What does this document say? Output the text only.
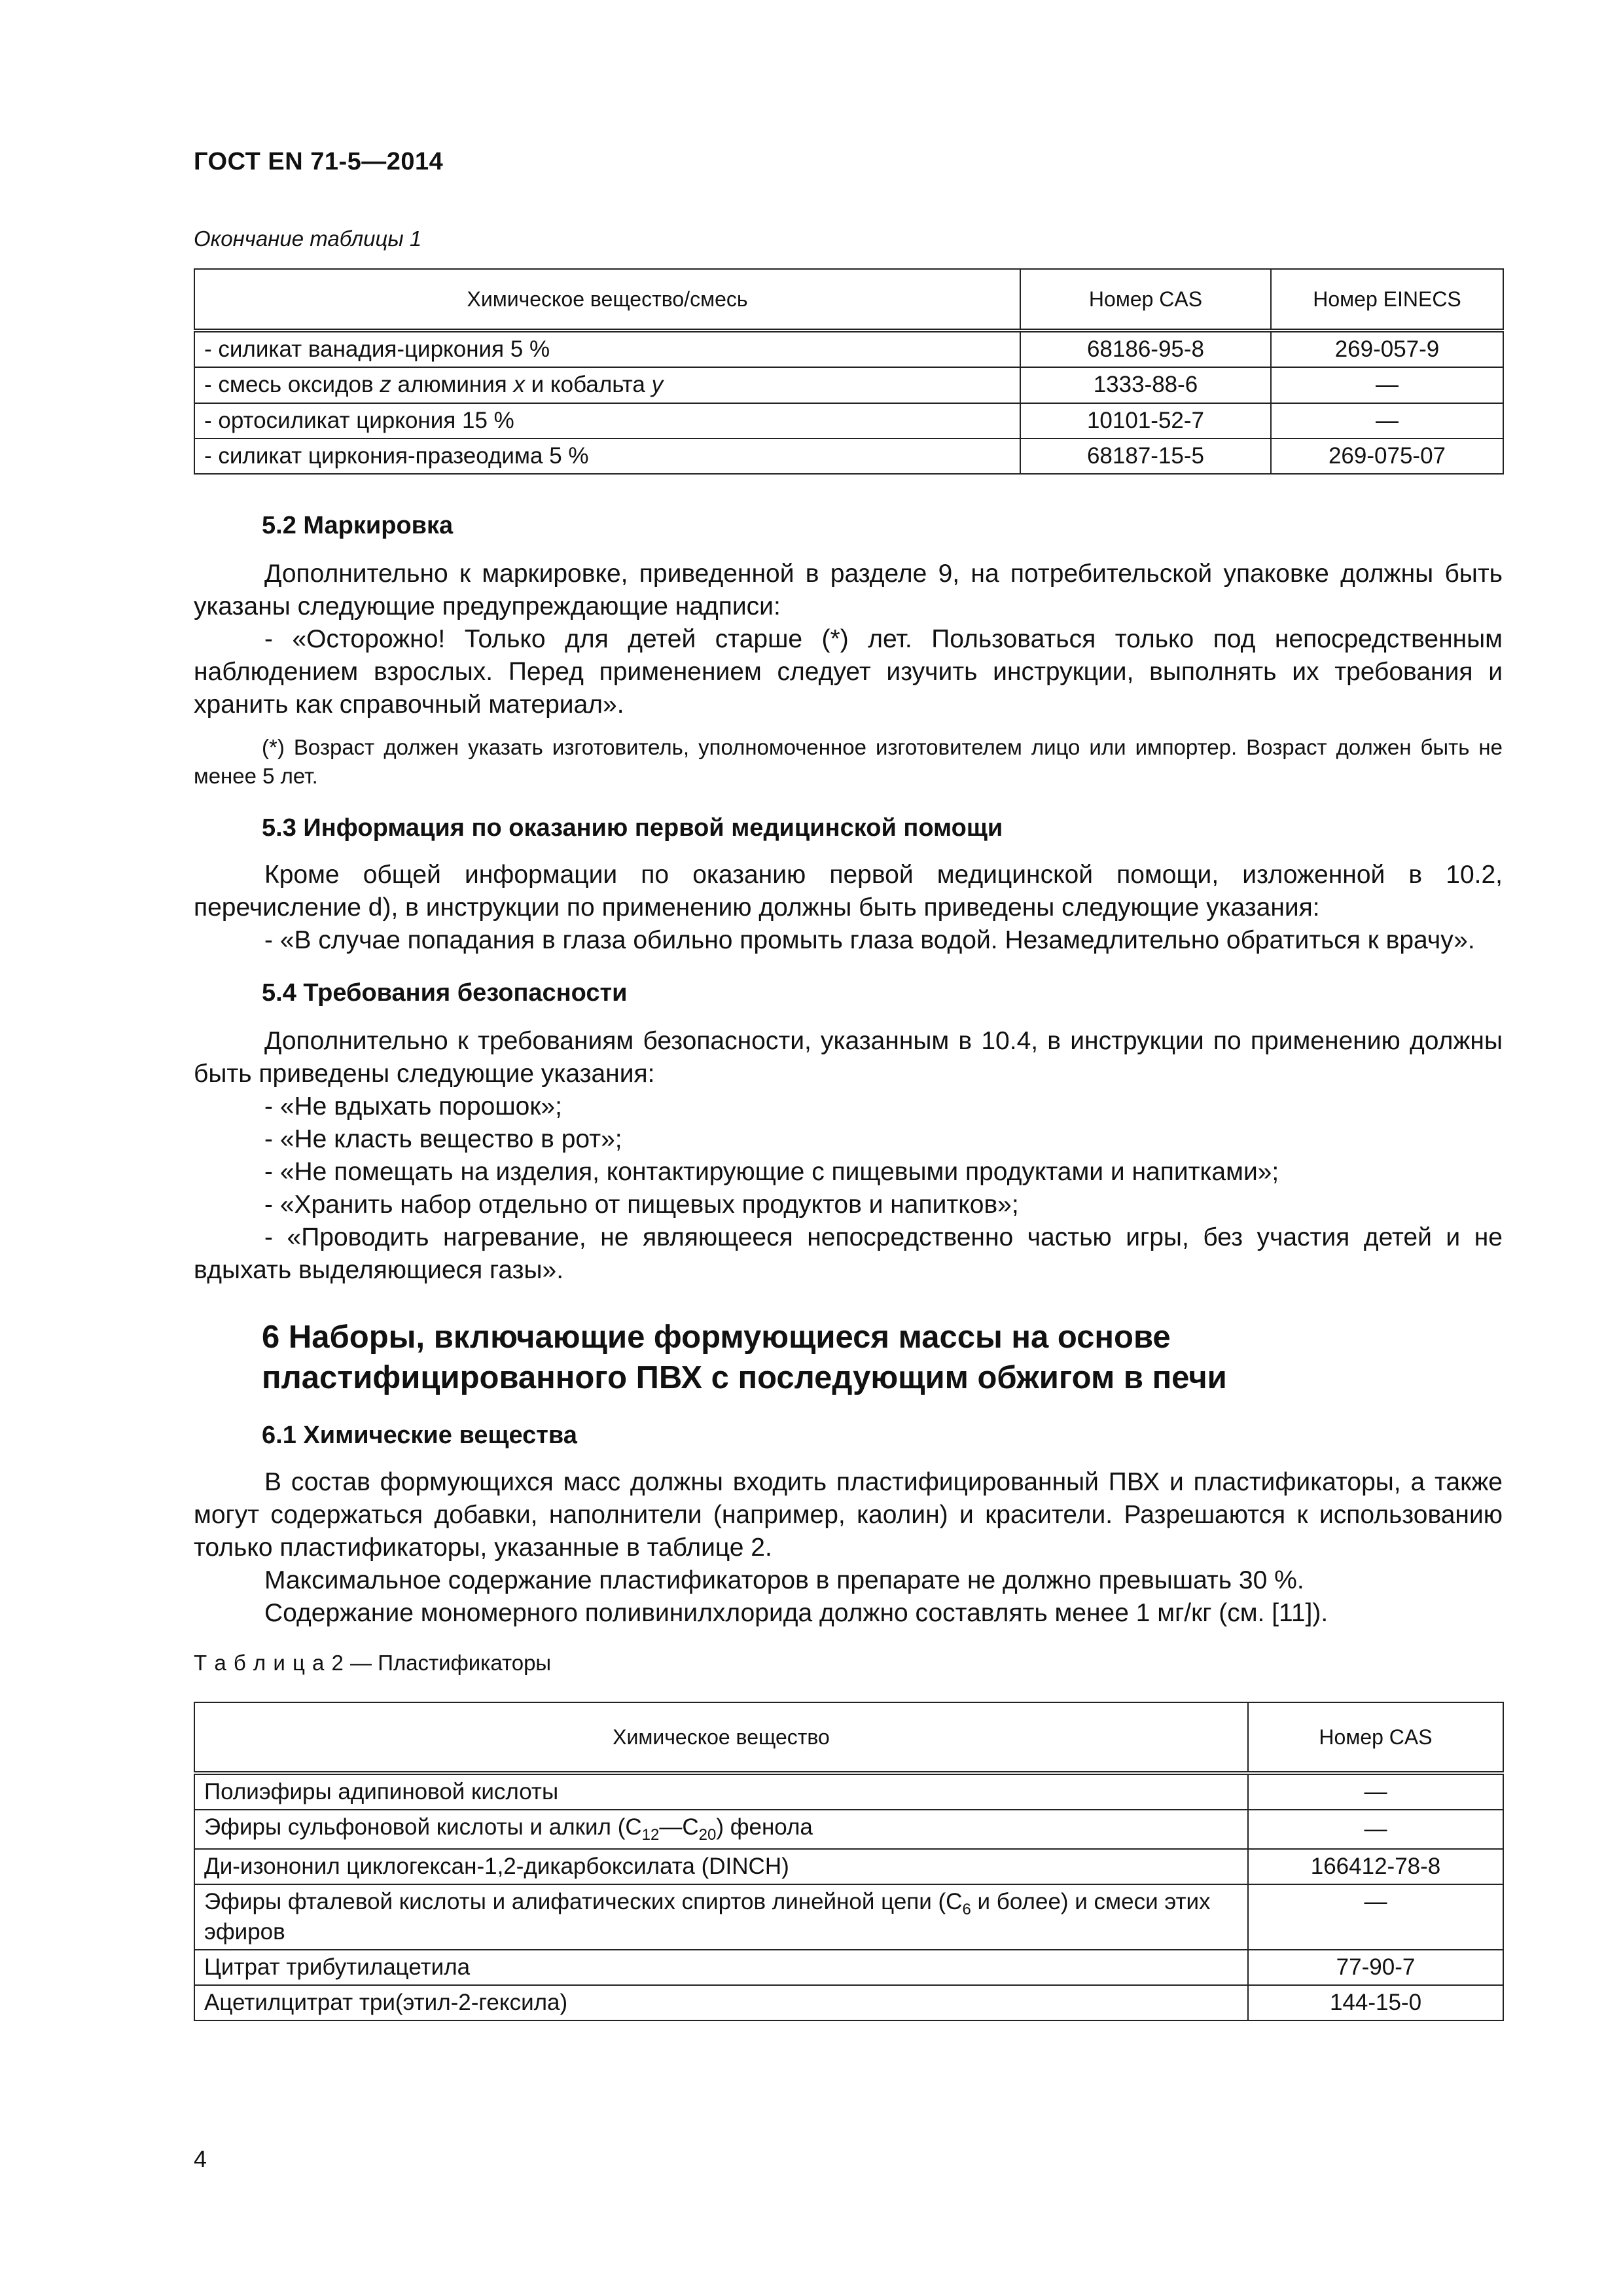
ГОСТ EN 71-5—2014
Окончание таблицы 1
Химическое вещество/смесь	Номер CAS	Номер EINECS
- силикат ванадия-циркония 5 %	68186-95-8	269-057-9
- смесь оксидов z алюминия x и кобальта y	1333-88-6	—
- ортосиликат циркония 15 %	10101-52-7	—
- силикат циркония-празеодима 5 %	68187-15-5	269-075-07
5.2 Маркировка

Дополнительно к маркировке, приведенной в разделе 9, на потребительской упаковке должны быть указаны следующие предупреждающие надписи:

- «Осторожно! Только для детей старше (*) лет. Пользоваться только под непосредственным наблюдением взрослых. Перед применением следует изучить инструкции, выполнять их требования и хранить как справочный материал».

(*) Возраст должен указать изготовитель, уполномоченное изготовителем лицо или импортер. Возраст должен быть не менее 5 лет.
5.3 Информация по оказанию первой медицинской помощи

Кроме общей информации по оказанию первой медицинской помощи, изложенной в 10.2, перечисление d), в инструкции по применению должны быть приведены следующие указания:

- «В случае попадания в глаза обильно промыть глаза водой. Незамедлительно обратиться к врачу».

5.4 Требования безопасности

Дополнительно к требованиям безопасности, указанным в 10.4, в инструкции по применению должны быть приведены следующие указания:

- «Не вдыхать порошок»;

- «Не класть вещество в рот»;

- «Не помещать на изделия, контактирующие с пищевыми продуктами и напитками»;

- «Хранить набор отдельно от пищевых продуктов и напитков»;

- «Проводить нагревание, не являющееся непосредственно частью игры, без участия детей и не вдыхать выделяющиеся газы».

6 Наборы, включающие формующиеся массы на основе
пластифицированного ПВХ с последующим обжигом в печи
6.1 Химические вещества

В состав формующихся масс должны входить пластифицированный ПВХ и пластификаторы, а также могут содержаться добавки, наполнители (например, каолин) и красители. Разрешаются к использованию только пластификаторы, указанные в таблице 2.

Максимальное содержание пластификаторов в препарате не должно превышать 30 %.

Содержание мономерного поливинилхлорида должно составлять менее 1 мг/кг (см. [11]).

Т а б л и ц а 2 — Пластификаторы
Химическое вещество	Номер CAS
Полиэфиры адипиновой кислоты	—
Эфиры сульфоновой кислоты и алкил $(C_{12}—C_{20})$ фенола	—
Ди-изононил циклогексан-1,2-дикарбоксилата (DINCH)	166412-78-8
Эфиры фталевой кислоты и алифатических спиртов линейной цепи ($C_6$ и более) и смеси этих эфиров	—
Цитрат трибутилацетила	77-90-7
Ацетилцитрат три(этил-2-гексила)	144-15-0
4
